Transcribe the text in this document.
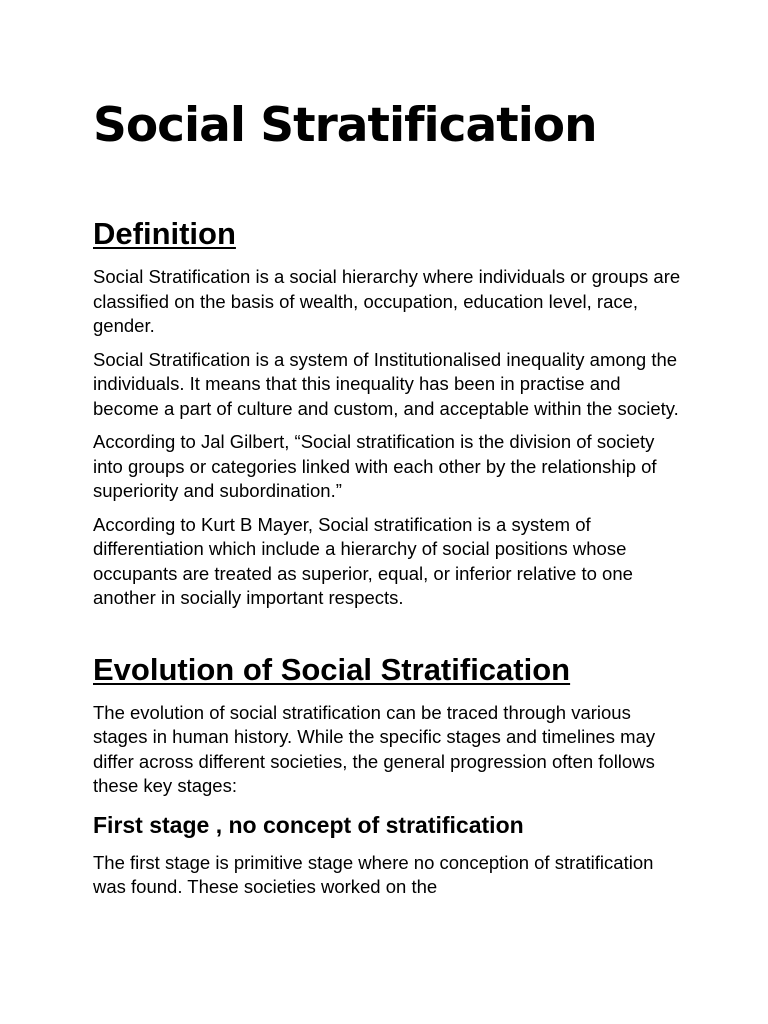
Social Stratification
Definition

Social Stratification is a social hierarchy where individuals or groups are classified on the basis of wealth, occupation, education level, race, gender.

Social Stratification is a system of Institutionalised inequality among the individuals. It means that this inequality has been in practise and become a part of culture and custom, and acceptable within the society.

According to Jal Gilbert, “Social stratification is the division of society into groups or categories linked with each other by the relationship of superiority and subordination.”

According to Kurt B Mayer, Social stratification is a system of differentiation which include a hierarchy of social positions whose occupants are treated as superior, equal, or inferior relative to one another in socially important respects.

Evolution of Social Stratification

The evolution of social stratification can be traced through various stages in human history. While the specific stages and timelines may differ across different societies, the general progression often follows these key stages:

First stage , no concept of stratification

The first stage is primitive stage where no conception of stratification was found. These societies worked on the
